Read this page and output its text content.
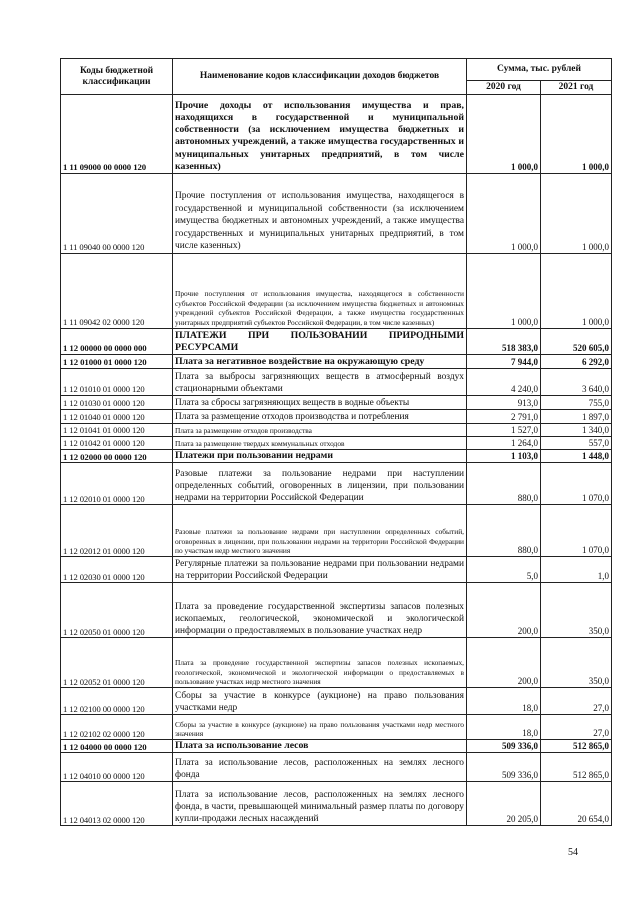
Коды бюджетной классификации	Наименование кодов классификации доходов бюджетов	Сумма, тыс. рублей	
		2020 год	2021 год
1 11 09000 00 0000 120	Прочие доходы от использования имущества и прав, находящихся в государственной и муниципальной собственности (за исключением имущества бюджетных и автономных учреждений, а также имущества государственных и муниципальных унитарных предприятий, в том числе казенных)	1 000,0	1 000,0
1 11 09040 00 0000 120	Прочие поступления от использования имущества, находящегося в государственной и муниципальной собственности (за исключением имущества бюджетных и автономных учреждений, а также имущества государственных и муниципальных унитарных предприятий, в том числе казенных)	1 000,0	1 000,0
1 11 09042 02 0000 120	Прочие поступления от использования имущества, находящегося в собственности субъектов Российской Федерации (за исключением имущества бюджетных и автономных учреждений субъектов Российской Федерации, а также имущества государственных унитарных предприятий субъектов Российской Федерации, в том числе казенных)	1 000,0	1 000,0
1 12 00000 00 0000 000	ПЛАТЕЖИ ПРИ ПОЛЬЗОВАНИИ ПРИРОДНЫМИ РЕСУРСАМИ	518 383,0	520 605,0
1 12 01000 01 0000 120	Плата за негативное воздействие на окружающую среду	7 944,0	6 292,0
1 12 01010 01 0000 120	Плата за выбросы загрязняющих веществ в атмосферный воздух стационарными объектами	4 240,0	3 640,0
1 12 01030 01 0000 120	Плата за сбросы загрязняющих веществ в водные объекты	913,0	755,0
1 12 01040 01 0000 120	Плата за размещение отходов производства и потребления	2 791,0	1 897,0
1 12 01041 01 0000 120	Плата за размещение отходов производства	1 527,0	1 340,0
1 12 01042 01 0000 120	Плата за размещение твердых коммунальных отходов	1 264,0	557,0
1 12 02000 00 0000 120	Платежи при пользовании недрами	1 103,0	1 448,0
1 12 02010 01 0000 120	Разовые платежи за пользование недрами при наступлении определенных событий, оговоренных в лицензии, при пользовании недрами на территории Российской Федерации	880,0	1 070,0
1 12 02012 01 0000 120	Разовые платежи за пользование недрами при наступлении определенных событий, оговоренных в лицензии, при пользовании недрами на территории Российской Федерации по участкам недр местного значения	880,0	1 070,0
1 12 02030 01 0000 120	Регулярные платежи за пользование недрами при пользовании недрами на территории Российской Федерации	5,0	1,0
1 12 02050 01 0000 120	Плата за проведение государственной экспертизы запасов полезных ископаемых, геологической, экономической и экологической информации о предоставляемых в пользование участках недр	200,0	350,0
1 12 02052 01 0000 120	Плата за проведение государственной экспертизы запасов полезных ископаемых, геологической, экономической и экологической информации о предоставляемых в пользование участках недр местного значения	200,0	350,0
1 12 02100 00 0000 120	Сборы за участие в конкурсе (аукционе) на право пользования участками недр	18,0	27,0
1 12 02102 02 0000 120	Сборы за участие в конкурсе (аукционе) на право пользования участками недр местного значения	18,0	27,0
1 12 04000 00 0000 120	Плата за использование лесов	509 336,0	512 865,0
1 12 04010 00 0000 120	Плата за использование лесов, расположенных на землях лесного фонда	509 336,0	512 865,0
1 12 04013 02 0000 120	Плата за использование лесов, расположенных на землях лесного фонда, в части, превышающей минимальный размер платы по договору купли-продажи лесных насаждений	20 205,0	20 654,0
54
